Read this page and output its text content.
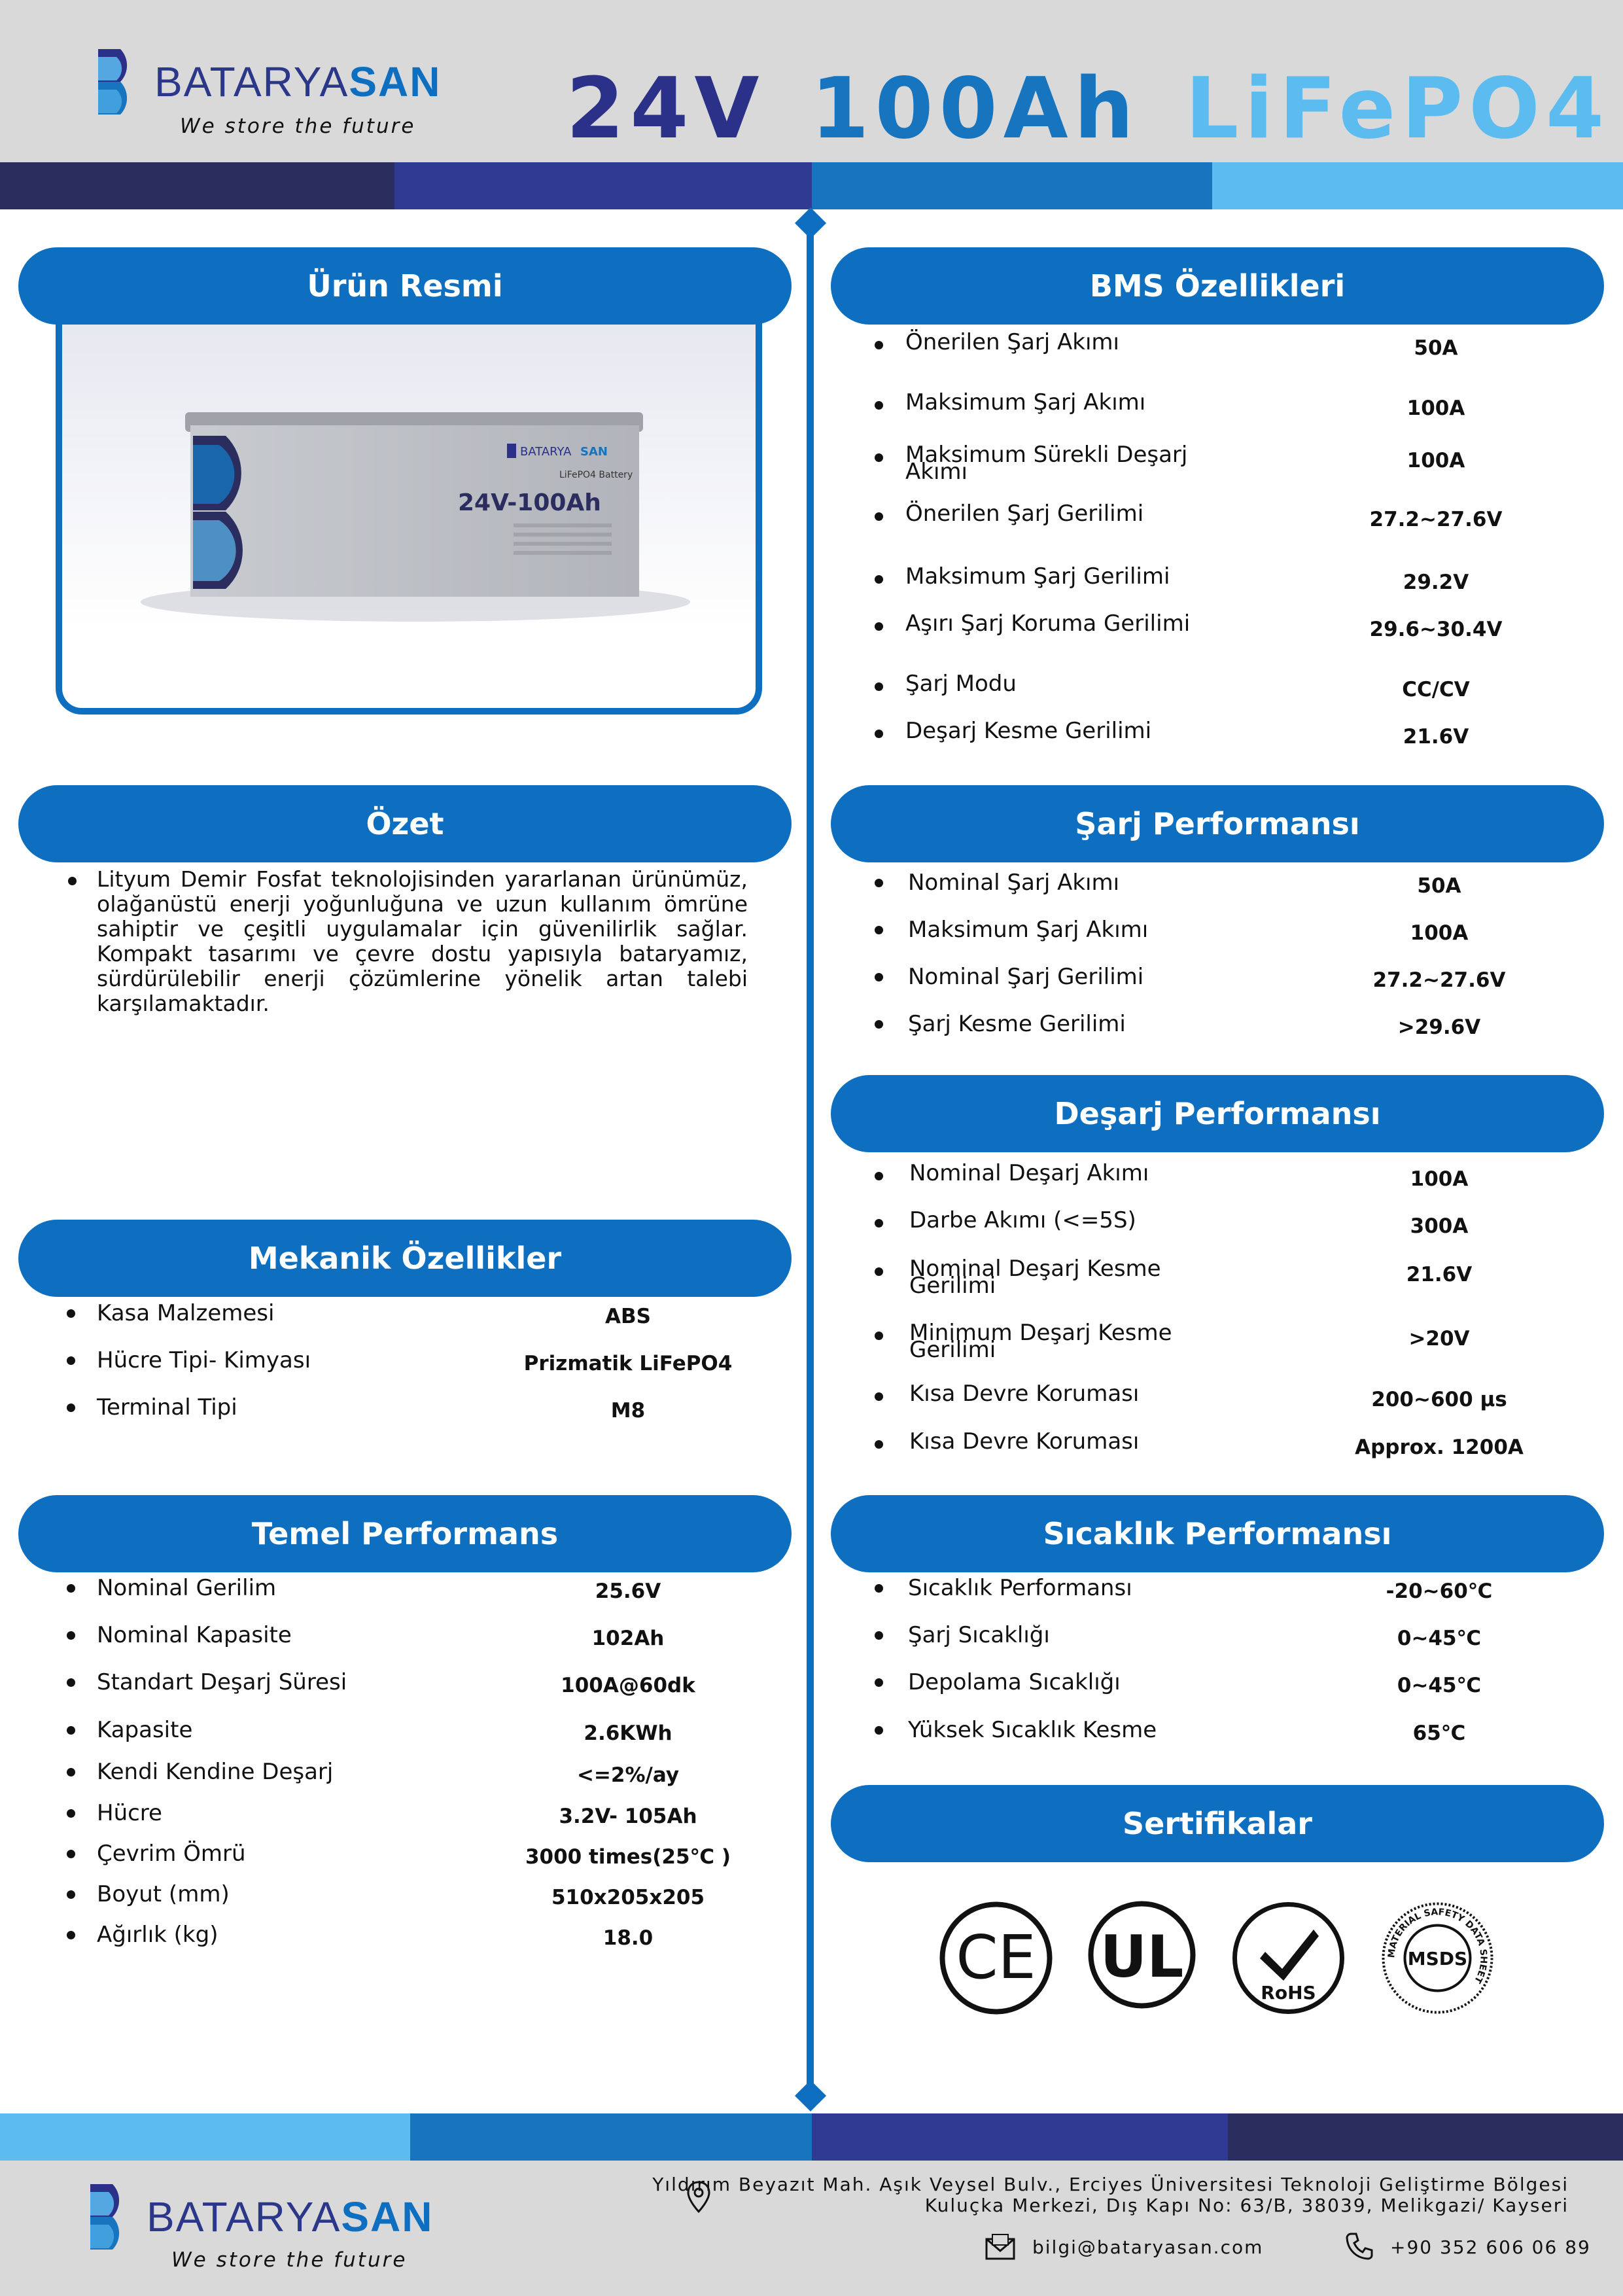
BATARYASAN
We store the future 24V 100Ah LiFePO4
BATARYA SAN
LiFePO4 Battery
24V-100Ah
Ürün Resmi
Özet
Lityum Demir Fosfat teknolojisinden yararlanan ürünümüz, olağanüstü enerji yoğunluğuna ve uzun kullanım ömrüne sahiptir ve çeşitli uygulamalar için güvenilirlik sağlar. Kompakt tasarımı ve çevre dostu yapısıyla bataryamız, sürdürülebilir enerji çözümlerine yönelik artan talebi karşılamaktadır.
Mekanik Özellikler
Kasa Malzemesi	ABS
Hücre Tipi- Kimyası	Prizmatik LiFePO4
Terminal Tipi	M8
Temel Performans
Nominal Gerilim	25.6V
Nominal Kapasite	102Ah
Standart Deşarj Süresi	100A@60dk
Kapasite	2.6KWh
Kendi Kendine Deşarj	<=2%/ay
Hücre	3.2V- 105Ah
Çevrim Ömrü	3000 times(25℃ )
Boyut (mm)	510x205x205
Ağırlık (kg)	18.0
BMS Özellikleri
Önerilen Şarj Akımı	50A
Maksimum Şarj Akımı	100A
Maksimum Sürekli Deşarj Akımı	100A
Önerilen Şarj Gerilimi	27.2~27.6V
Maksimum Şarj Gerilimi	29.2V
Aşırı Şarj Koruma Gerilimi	29.6~30.4V
Şarj Modu	CC/CV
Deşarj Kesme Gerilimi	21.6V
Şarj Performansı
Nominal Şarj Akımı	50A
Maksimum Şarj Akımı	100A
Nominal Şarj Gerilimi	27.2~27.6V
Şarj Kesme Gerilimi	>29.6V
Deşarj Performansı
Nominal Deşarj Akımı	100A
Darbe Akımı (<=5S)	300A
Nominal Deşarj Kesme Gerilimi	21.6V
Minimum Deşarj Kesme Gerilimi	>20V
Kısa Devre Koruması	200~600 μs
Kısa Devre Koruması	Approx. 1200A
Sıcaklık Performansı
Sıcaklık Performansı	-20~60℃
Şarj Sıcaklığı	0~45℃
Depolama Sıcaklığı	0~45℃
Yüksek Sıcaklık Kesme	65℃
Sertifikalar
CE UL
RoHS
MATERIAL SAFETY DATA SHEET
MSDS
BATARYASAN
We store the future
Yıldırım Beyazıt Mah. Aşık Veysel Bulv., Erciyes Üniversitesi Teknoloji Geliştirme Bölgesi
Kuluçka Merkezi, Dış Kapı No: 63/B, 38039, Melikgazi/ Kayseri
bilgi@bataryasan.com	+90 352 606 06 89
